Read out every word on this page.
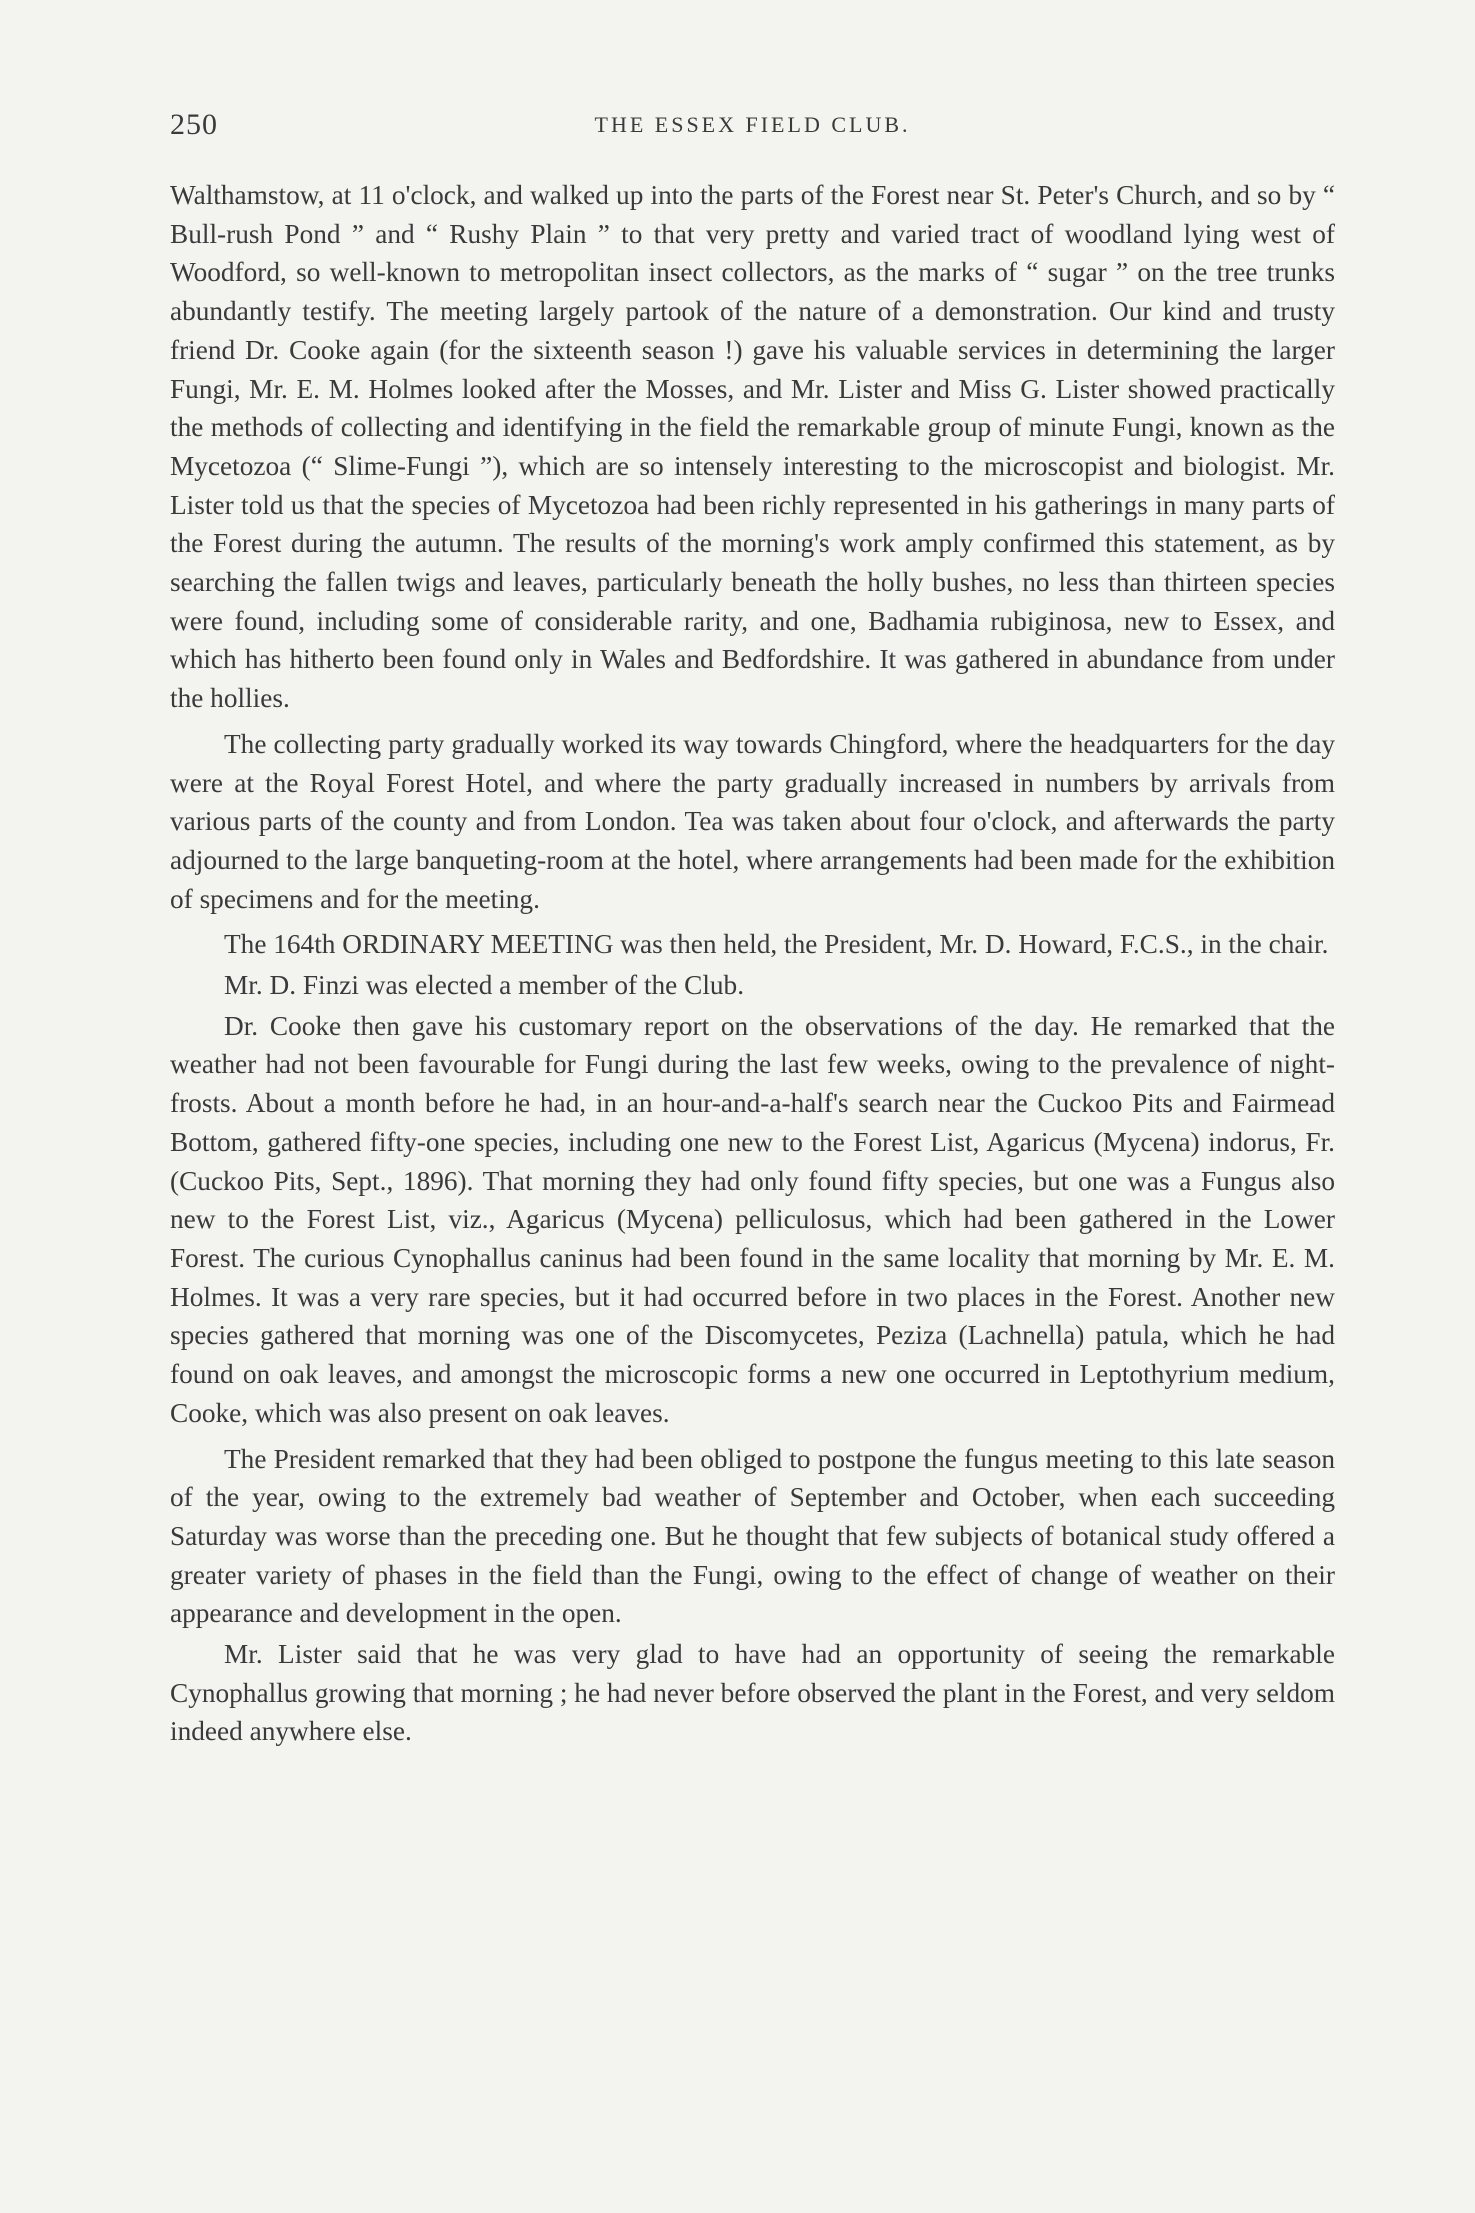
250	THE ESSEX FIELD CLUB.

Walthamstow, at 11 o'clock, and walked up into the parts of the Forest near St. Peter's Church, and so by “ Bull-rush Pond ” and “ Rushy Plain ” to that very pretty and varied tract of woodland lying west of Woodford, so well-known to metropolitan insect collectors, as the marks of “ sugar ” on the tree trunks abundantly testify. The meeting largely partook of the nature of a demonstration. Our kind and trusty friend Dr. Cooke again (for the sixteenth season !) gave his valuable services in determining the larger Fungi, Mr. E. M. Holmes looked after the Mosses, and Mr. Lister and Miss G. Lister showed practically the methods of collecting and identifying in the field the remarkable group of minute Fungi, known as the Mycetozoa (“ Slime-Fungi ”), which are so intensely interesting to the microscopist and biologist. Mr. Lister told us that the species of Mycetozoa had been richly represented in his gatherings in many parts of the Forest during the autumn. The results of the morning's work amply confirmed this statement, as by searching the fallen twigs and leaves, particularly beneath the holly bushes, no less than thirteen species were found, including some of considerable rarity, and one, Badhamia rubiginosa, new to Essex, and which has hitherto been found only in Wales and Bedfordshire. It was gathered in abundance from under the hollies.

The collecting party gradually worked its way towards Chingford, where the headquarters for the day were at the Royal Forest Hotel, and where the party gradually increased in numbers by arrivals from various parts of the county and from London. Tea was taken about four o'clock, and afterwards the party adjourned to the large banqueting-room at the hotel, where arrangements had been made for the exhibition of specimens and for the meeting.

The 164th ORDINARY MEETING was then held, the President, Mr. D. Howard, F.C.S., in the chair.

Mr. D. Finzi was elected a member of the Club.

Dr. Cooke then gave his customary report on the observations of the day. He remarked that the weather had not been favourable for Fungi during the last few weeks, owing to the prevalence of night-frosts. About a month before he had, in an hour-and-a-half's search near the Cuckoo Pits and Fairmead Bottom, gathered fifty-one species, including one new to the Forest List, Agaricus (Mycena) indorus, Fr. (Cuckoo Pits, Sept., 1896). That morning they had only found fifty species, but one was a Fungus also new to the Forest List, viz., Agaricus (Mycena) pelliculosus, which had been gathered in the Lower Forest. The curious Cynophallus caninus had been found in the same locality that morning by Mr. E. M. Holmes. It was a very rare species, but it had occurred before in two places in the Forest. Another new species gathered that morning was one of the Discomycetes, Peziza (Lachnella) patula, which he had found on oak leaves, and amongst the microscopic forms a new one occurred in Leptothyrium medium, Cooke, which was also present on oak leaves.

The President remarked that they had been obliged to postpone the fungus meeting to this late season of the year, owing to the extremely bad weather of September and October, when each succeeding Saturday was worse than the preceding one. But he thought that few subjects of botanical study offered a greater variety of phases in the field than the Fungi, owing to the effect of change of weather on their appearance and development in the open.

Mr. Lister said that he was very glad to have had an opportunity of seeing the remarkable Cynophallus growing that morning ; he had never before observed the plant in the Forest, and very seldom indeed anywhere else.
